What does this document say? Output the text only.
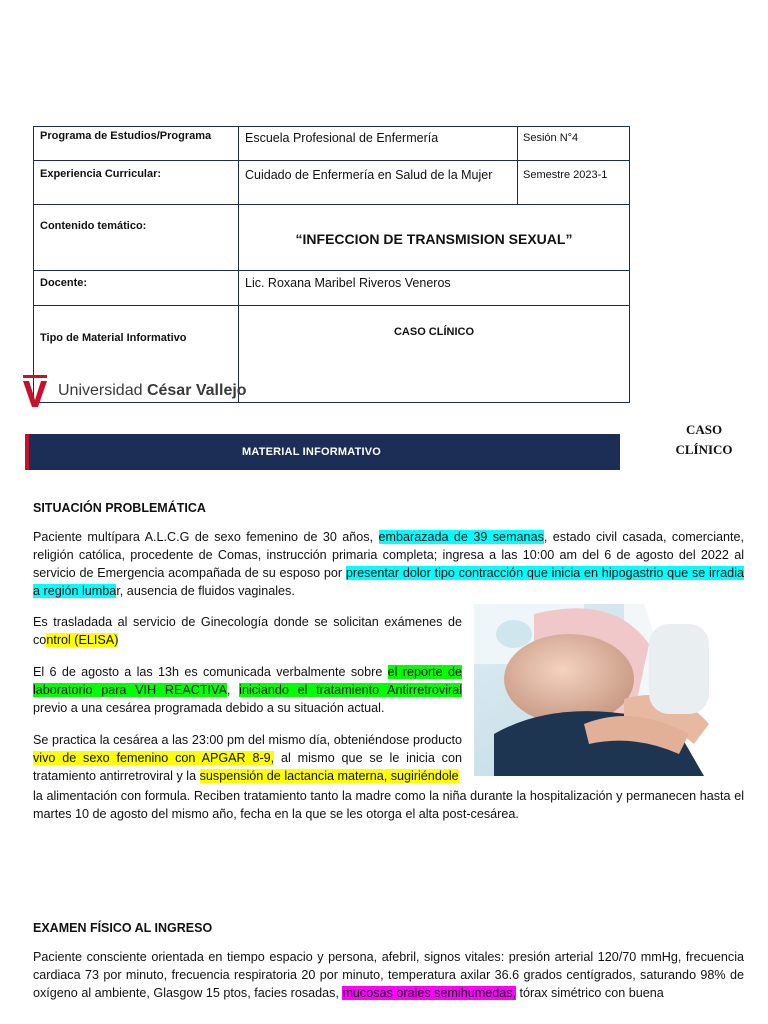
Programa de Estudios/Programa	Escuela Profesional de Enfermería	Sesión N°4
Experiencia Curricular:	Cuidado de Enfermería en Salud de la Mujer	Semestre 2023-1
Contenido temático:	“INFECCION DE TRANSMISION SEXUAL”	

Docente:	Lic. Roxana Maribel Riveros Veneros	
Tipo de Material Informativo	CASO CLÍNICO	
Universidad César Vallejo
MATERIAL INFORMATIVO
CASO
CLÍNICO
SITUACIÓN PROBLEMÁTICA
Paciente multípara A.L.C.G de sexo femenino de 30 años, embarazada de 39 semanas, estado civil casada, comerciante, religión católica, procedente de Comas, instrucción primaria completa; ingresa a las 10:00 am del 6 de agosto del 2022 al servicio de Emergencia acompañada de su esposo por presentar dolor tipo contracción que inicia en hipogastrio que se irradia a región lumbar, ausencia de fluidos vaginales.
Es trasladada al servicio de Ginecología donde se solicitan exámenes de control (ELISA)
El 6 de agosto a las 13h es comunicada verbalmente sobre el reporte de laboratorio para VIH REACTIVA, iniciando el tratamiento Antirretroviral previo a una cesárea programada debido a su situación actual.
Se practica la cesárea a las 23:00 pm del mismo día, obteniéndose producto vivo de sexo femenino con APGAR 8-9, al mismo que se le inicia con tratamiento antirretroviral y la suspensión de lactancia materna, sugiriéndole
la alimentación con formula. Reciben tratamiento tanto la madre como la niña durante la hospitalización y permanecen hasta el martes 10 de agosto del mismo año, fecha en la que se les otorga el alta post-cesárea.
EXAMEN FÍSICO AL INGRESO
Paciente consciente orientada en tiempo espacio y persona, afebril, signos vitales: presión arterial 120/70 mmHg, frecuencia cardiaca 73 por minuto, frecuencia respiratoria 20 por minuto, temperatura axilar 36.6 grados centígrados, saturando 98% de oxígeno al ambiente, Glasgow 15 ptos, facies rosadas, mucosas orales semihumedas, tórax simétrico con buena
